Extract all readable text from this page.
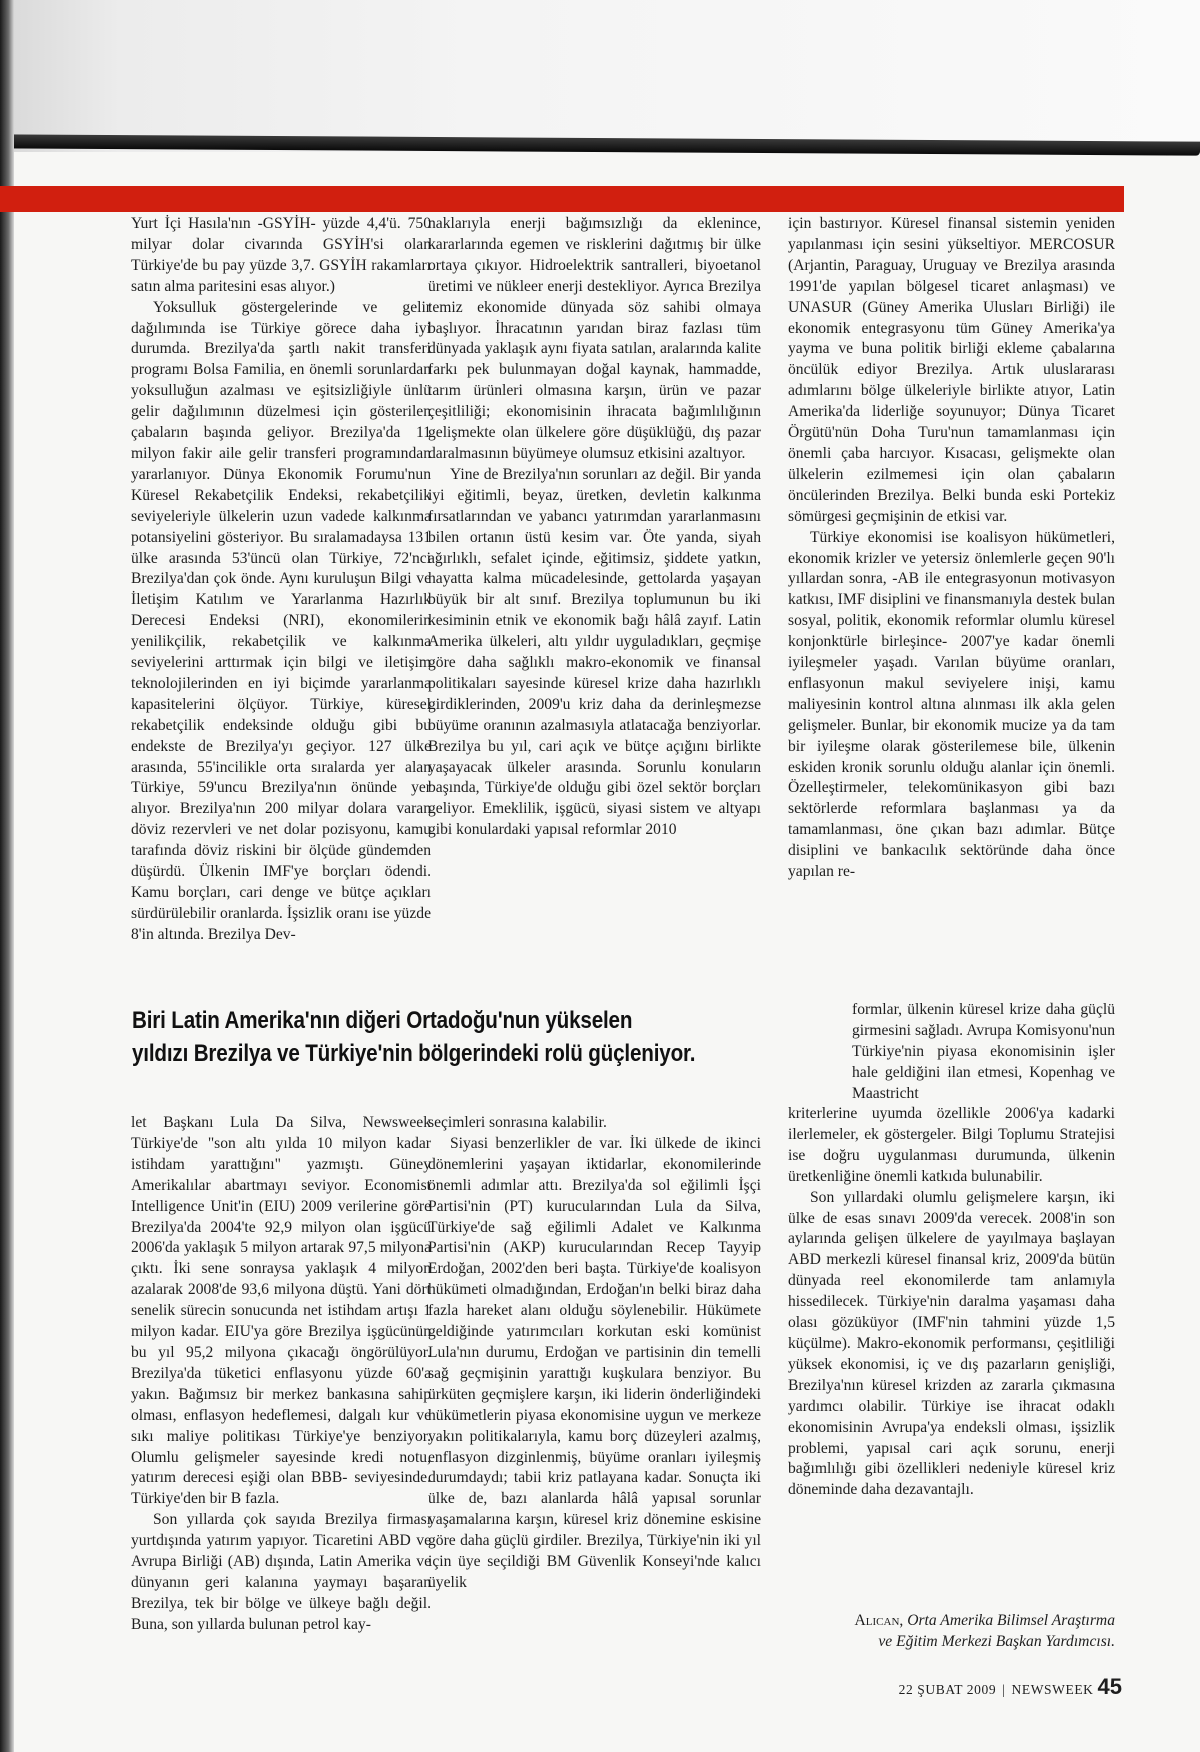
Yurt İçi Hasıla'nın -GSYİH- yüzde 4,4'ü. 750 milyar dolar civarında GSYİH'si olan Türkiye'de bu pay yüzde 3,7. GSYİH rakamları satın alma paritesini esas alıyor.)

Yoksulluk göstergelerinde ve gelir dağılımında ise Türkiye görece daha iyi durumda. Brezilya'da şartlı nakit transferi programı Bolsa Familia, en önemli sorunlardan yoksulluğun azalması ve eşitsizliğiyle ünlü gelir dağılımının düzelmesi için gösterilen çabaların başında geliyor. Brezilya'da 11 milyon fakir aile gelir transferi programından yararlanıyor. Dünya Ekonomik Forumu'nun Küresel Rekabetçilik Endeksi, rekabetçilik seviyeleriyle ülkelerin uzun vadede kalkınma potansiyelini gösteriyor. Bu sıralamadaysa 131 ülke arasında 53'üncü olan Türkiye, 72'nci Brezilya'dan çok önde. Aynı kuruluşun Bilgi ve İletişim Katılım ve Yararlanma Hazırlık Derecesi Endeksi (NRI), ekonomilerin yenilikçilik, rekabetçilik ve kalkınma seviyelerini arttırmak için bilgi ve iletişim teknolojilerinden en iyi biçimde yararlanma kapasitelerini ölçüyor. Türkiye, küresel rekabetçilik endeksinde olduğu gibi bu endekste de Brezilya'yı geçiyor. 127 ülke arasında, 55'incilikle orta sıralarda yer alan Türkiye, 59'uncu Brezilya'nın önünde yer alıyor. Brezilya'nın 200 milyar dolara varan döviz rezervleri ve net dolar pozisyonu, kamu tarafında döviz riskini bir ölçüde gündemden düşürdü. Ülkenin IMF'ye borçları ödendi. Kamu borçları, cari denge ve bütçe açıkları sürdürülebilir oranlarda. İşsizlik oranı ise yüzde 8'in altında. Brezilya Dev-

naklarıyla enerji bağımsızlığı da eklenince, kararlarında egemen ve risklerini dağıtmış bir ülke ortaya çıkıyor. Hidroelektrik santralleri, biyoetanol üretimi ve nükleer enerji destekliyor. Ayrıca Brezilya temiz ekonomide dünyada söz sahibi olmaya başlıyor. İhracatının yarıdan biraz fazlası tüm dünyada yaklaşık aynı fiyata satılan, aralarında kalite farkı pek bulunmayan doğal kaynak, hammadde, tarım ürünleri olmasına karşın, ürün ve pazar çeşitliliği; ekonomisinin ihracata bağımlılığının gelişmekte olan ülkelere göre düşüklüğü, dış pazar daralmasının büyümeye olumsuz etkisini azaltıyor.

Yine de Brezilya'nın sorunları az değil. Bir yanda iyi eğitimli, beyaz, üretken, devletin kalkınma fırsatlarından ve yabancı yatırımdan yararlanmasını bilen ortanın üstü kesim var. Öte yanda, siyah ağırlıklı, sefalet içinde, eğitimsiz, şiddete yatkın, hayatta kalma mücadelesinde, gettolarda yaşayan büyük bir alt sınıf. Brezilya toplumunun bu iki kesiminin etnik ve ekonomik bağı hâlâ zayıf. Latin Amerika ülkeleri, altı yıldır uyguladıkları, geçmişe göre daha sağlıklı makro-ekonomik ve finansal politikaları sayesinde küresel krize daha hazırlıklı girdiklerinden, 2009'u kriz daha da derinleşmezse büyüme oranının azalmasıyla atlatacağa benziyorlar. Brezilya bu yıl, cari açık ve bütçe açığını birlikte yaşayacak ülkeler arasında. Sorunlu konuların başında, Türkiye'de olduğu gibi özel sektör borçları geliyor. Emeklilik, işgücü, siyasi sistem ve altyapı gibi konulardaki yapısal reformlar 2010

için bastırıyor. Küresel finansal sistemin yeniden yapılanması için sesini yükseltiyor. MERCOSUR (Arjantin, Paraguay, Uruguay ve Brezilya arasında 1991'de yapılan bölgesel ticaret anlaşması) ve UNASUR (Güney Amerika Ulusları Birliği) ile ekonomik entegrasyonu tüm Güney Amerika'ya yayma ve buna politik birliği ekleme çabalarına öncülük ediyor Brezilya. Artık uluslararası adımlarını bölge ülkeleriyle birlikte atıyor, Latin Amerika'da liderliğe soyunuyor; Dünya Ticaret Örgütü'nün Doha Turu'nun tamamlanması için önemli çaba harcıyor. Kısacası, gelişmekte olan ülkelerin ezilmemesi için olan çabaların öncülerinden Brezilya. Belki bunda eski Portekiz sömürgesi geçmişinin de etkisi var.

Türkiye ekonomisi ise koalisyon hükümetleri, ekonomik krizler ve yetersiz önlemlerle geçen 90'lı yıllardan sonra, -AB ile entegrasyonun motivasyon katkısı, IMF disiplini ve finansmanıyla destek bulan sosyal, politik, ekonomik reformlar olumlu küresel konjonktürle birleşince- 2007'ye kadar önemli iyileşmeler yaşadı. Varılan büyüme oranları, enflasyonun makul seviyelere inişi, kamu maliyesinin kontrol altına alınması ilk akla gelen gelişmeler. Bunlar, bir ekonomik mucize ya da tam bir iyileşme olarak gösterilemese bile, ülkenin eskiden kronik sorunlu olduğu alanlar için önemli. Özelleştirmeler, telekomünikasyon gibi bazı sektörlerde reformlara başlanması ya da tamamlanması, öne çıkan bazı adımlar. Bütçe disiplini ve bankacılık sektöründe daha önce yapılan re-

Biri Latin Amerika'nın diğeri Ortadoğu'nun yükselen
yıldızı Brezilya ve Türkiye'nin bölgerindeki rolü güçleniyor.

formlar, ülkenin küresel krize daha güçlü girmesini sağladı. Avrupa Komisyonu'nun Türkiye'nin piyasa ekonomisinin işler hale geldiğini ilan etmesi, Kopenhag ve Maastricht

kriterlerine uyumda özellikle 2006'ya kadarki ilerlemeler, ek göstergeler. Bilgi Toplumu Stratejisi ise doğru uygulanması durumunda, ülkenin üretkenliğine önemli katkıda bulunabilir.

Son yıllardaki olumlu gelişmelere karşın, iki ülke de esas sınavı 2009'da verecek. 2008'in son aylarında gelişen ülkelere de yayılmaya başlayan ABD merkezli küresel finansal kriz, 2009'da bütün dünyada reel ekonomilerde tam anlamıyla hissedilecek. Türkiye'nin daralma yaşaması daha olası gözüküyor (IMF'nin tahmini yüzde 1,5 küçülme). Makro-ekonomik performansı, çeşitliliği yüksek ekonomisi, iç ve dış pazarların genişliği, Brezilya'nın küresel krizden az zararla çıkmasına yardımcı olabilir. Türkiye ise ihracat odaklı ekonomisinin Avrupa'ya endeksli olması, işsizlik problemi, yapısal cari açık sorunu, enerji bağımlılığı gibi özellikleri nedeniyle küresel kriz döneminde daha dezavantajlı.

let Başkanı Lula Da Silva, Newsweek Türkiye'de "son altı yılda 10 milyon kadar istihdam yarattığını" yazmıştı. Güney Amerikalılar abartmayı seviyor. Economist Intelligence Unit'in (EIU) 2009 verilerine göre Brezilya'da 2004'te 92,9 milyon olan işgücü 2006'da yaklaşık 5 milyon artarak 97,5 milyona çıktı. İki sene sonraysa yaklaşık 4 milyon azalarak 2008'de 93,6 milyona düştü. Yani dört senelik sürecin sonucunda net istihdam artışı 1 milyon kadar. EIU'ya göre Brezilya işgücünün bu yıl 95,2 milyona çıkacağı öngörülüyor. Brezilya'da tüketici enflasyonu yüzde 60'a yakın. Bağımsız bir merkez bankasına sahip olması, enflasyon hedeflemesi, dalgalı kur ve sıkı maliye politikası Türkiye'ye benziyor. Olumlu gelişmeler sayesinde kredi notu, yatırım derecesi eşiği olan BBB- seviyesinde. Türkiye'den bir B fazla.

Son yıllarda çok sayıda Brezilya firması yurtdışında yatırım yapıyor. Ticaretini ABD ve Avrupa Birliği (AB) dışında, Latin Amerika ve dünyanın geri kalanına yaymayı başaran Brezilya, tek bir bölge ve ülkeye bağlı değil. Buna, son yıllarda bulunan petrol kay-

seçimleri sonrasına kalabilir.

Siyasi benzerlikler de var. İki ülkede de ikinci dönemlerini yaşayan iktidarlar, ekonomilerinde önemli adımlar attı. Brezilya'da sol eğilimli İşçi Partisi'nin (PT) kurucularından Lula da Silva, Türkiye'de sağ eğilimli Adalet ve Kalkınma Partisi'nin (AKP) kurucularından Recep Tayyip Erdoğan, 2002'den beri başta. Türkiye'de koalisyon hükümeti olmadığından, Erdoğan'ın belki biraz daha fazla hareket alanı olduğu söylenebilir. Hükümete geldiğinde yatırımcıları korkutan eski komünist Lula'nın durumu, Erdoğan ve partisinin din temelli sağ geçmişinin yarattığı kuşkulara benziyor. Bu ürküten geçmişlere karşın, iki liderin önderliğindeki hükümetlerin piyasa ekonomisine uygun ve merkeze yakın politikalarıyla, kamu borç düzeyleri azalmış, enflasyon dizginlenmiş, büyüme oranları iyileşmiş durumdaydı; tabii kriz patlayana kadar. Sonuçta iki ülke de, bazı alanlarda hâlâ yapısal sorunlar yaşamalarına karşın, küresel kriz dönemine eskisine göre daha güçlü girdiler. Brezilya, Türkiye'nin iki yıl için üye seçildiği BM Güvenlik Konseyi'nde kalıcı üyelik

Alican, Orta Amerika Bilimsel Araştırma
ve Eğitim Merkezi Başkan Yardımcısı.
22 ŞUBAT 2009 | NEWSWEEK 45
